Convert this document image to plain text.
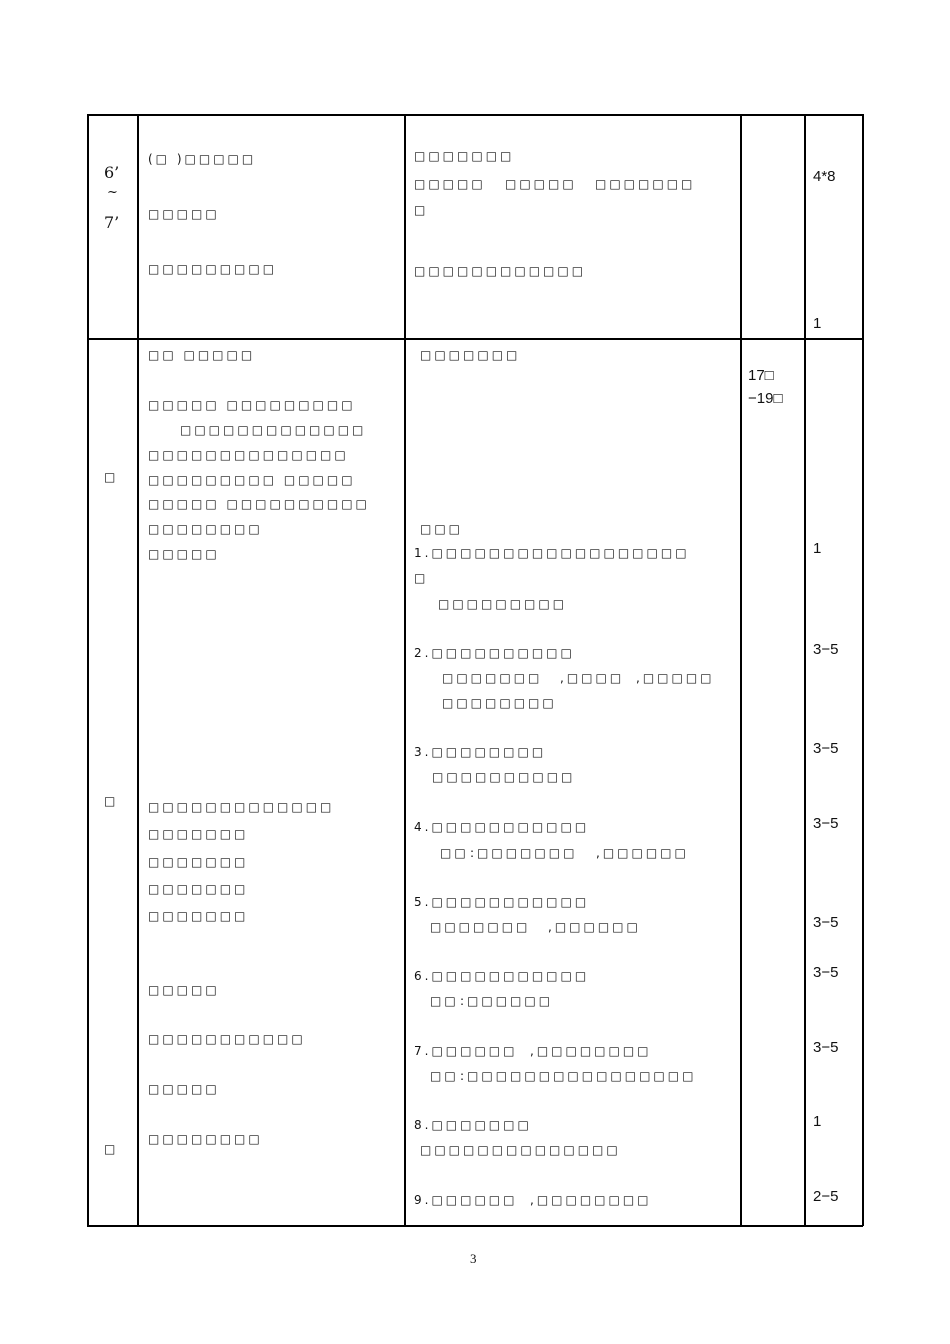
6’
~
7’
(□ )□□□□□
□□□□□
□□□□□□□□□
□□□□□□□
□□□□□ □□□□□ □□□□□□□
□
□□□□□□□□□□□□
4*8
1
□
□
□
□□ □□□□□
□□□□□ □□□□□□□□□
□□□□□□□□□□□□□
□□□□□□□□□□□□□□
□□□□□□□□□ □□□□□
□□□□□ □□□□□□□□□□
□□□□□□□□
□□□□□
□□□□□□□□□□□□□
□□□□□□□
□□□□□□□
□□□□□□□
□□□□□□□
□□□□□
□□□□□□□□□□□
□□□□□
□□□□□□□□
17□
−19□
□□□□□□□
□□□
1.□□□□□□□□□□□□□□□□□□
□
□□□□□□□□□
2.□□□□□□□□□□
□□□□□□□ ,□□□□ ,□□□□□
□□□□□□□□
3.□□□□□□□□
□□□□□□□□□□
4.□□□□□□□□□□□
□□ :□□□□□□□ ,□□□□□□
5.□□□□□□□□□□□
□□□□□□□ ,□□□□□□
6.□□□□□□□□□□□
□□ :□□□□□□
7.□□□□□□ ,□□□□□□□□
□□ :□□□□□□□□□□□□□□□□
8.□□□□□□□
□□□□□□□□□□□□□□
9.□□□□□□ ,□□□□□□□□
1
3−5
3−5
3−5
3−5
3−5
3−5
1
2−5
3
